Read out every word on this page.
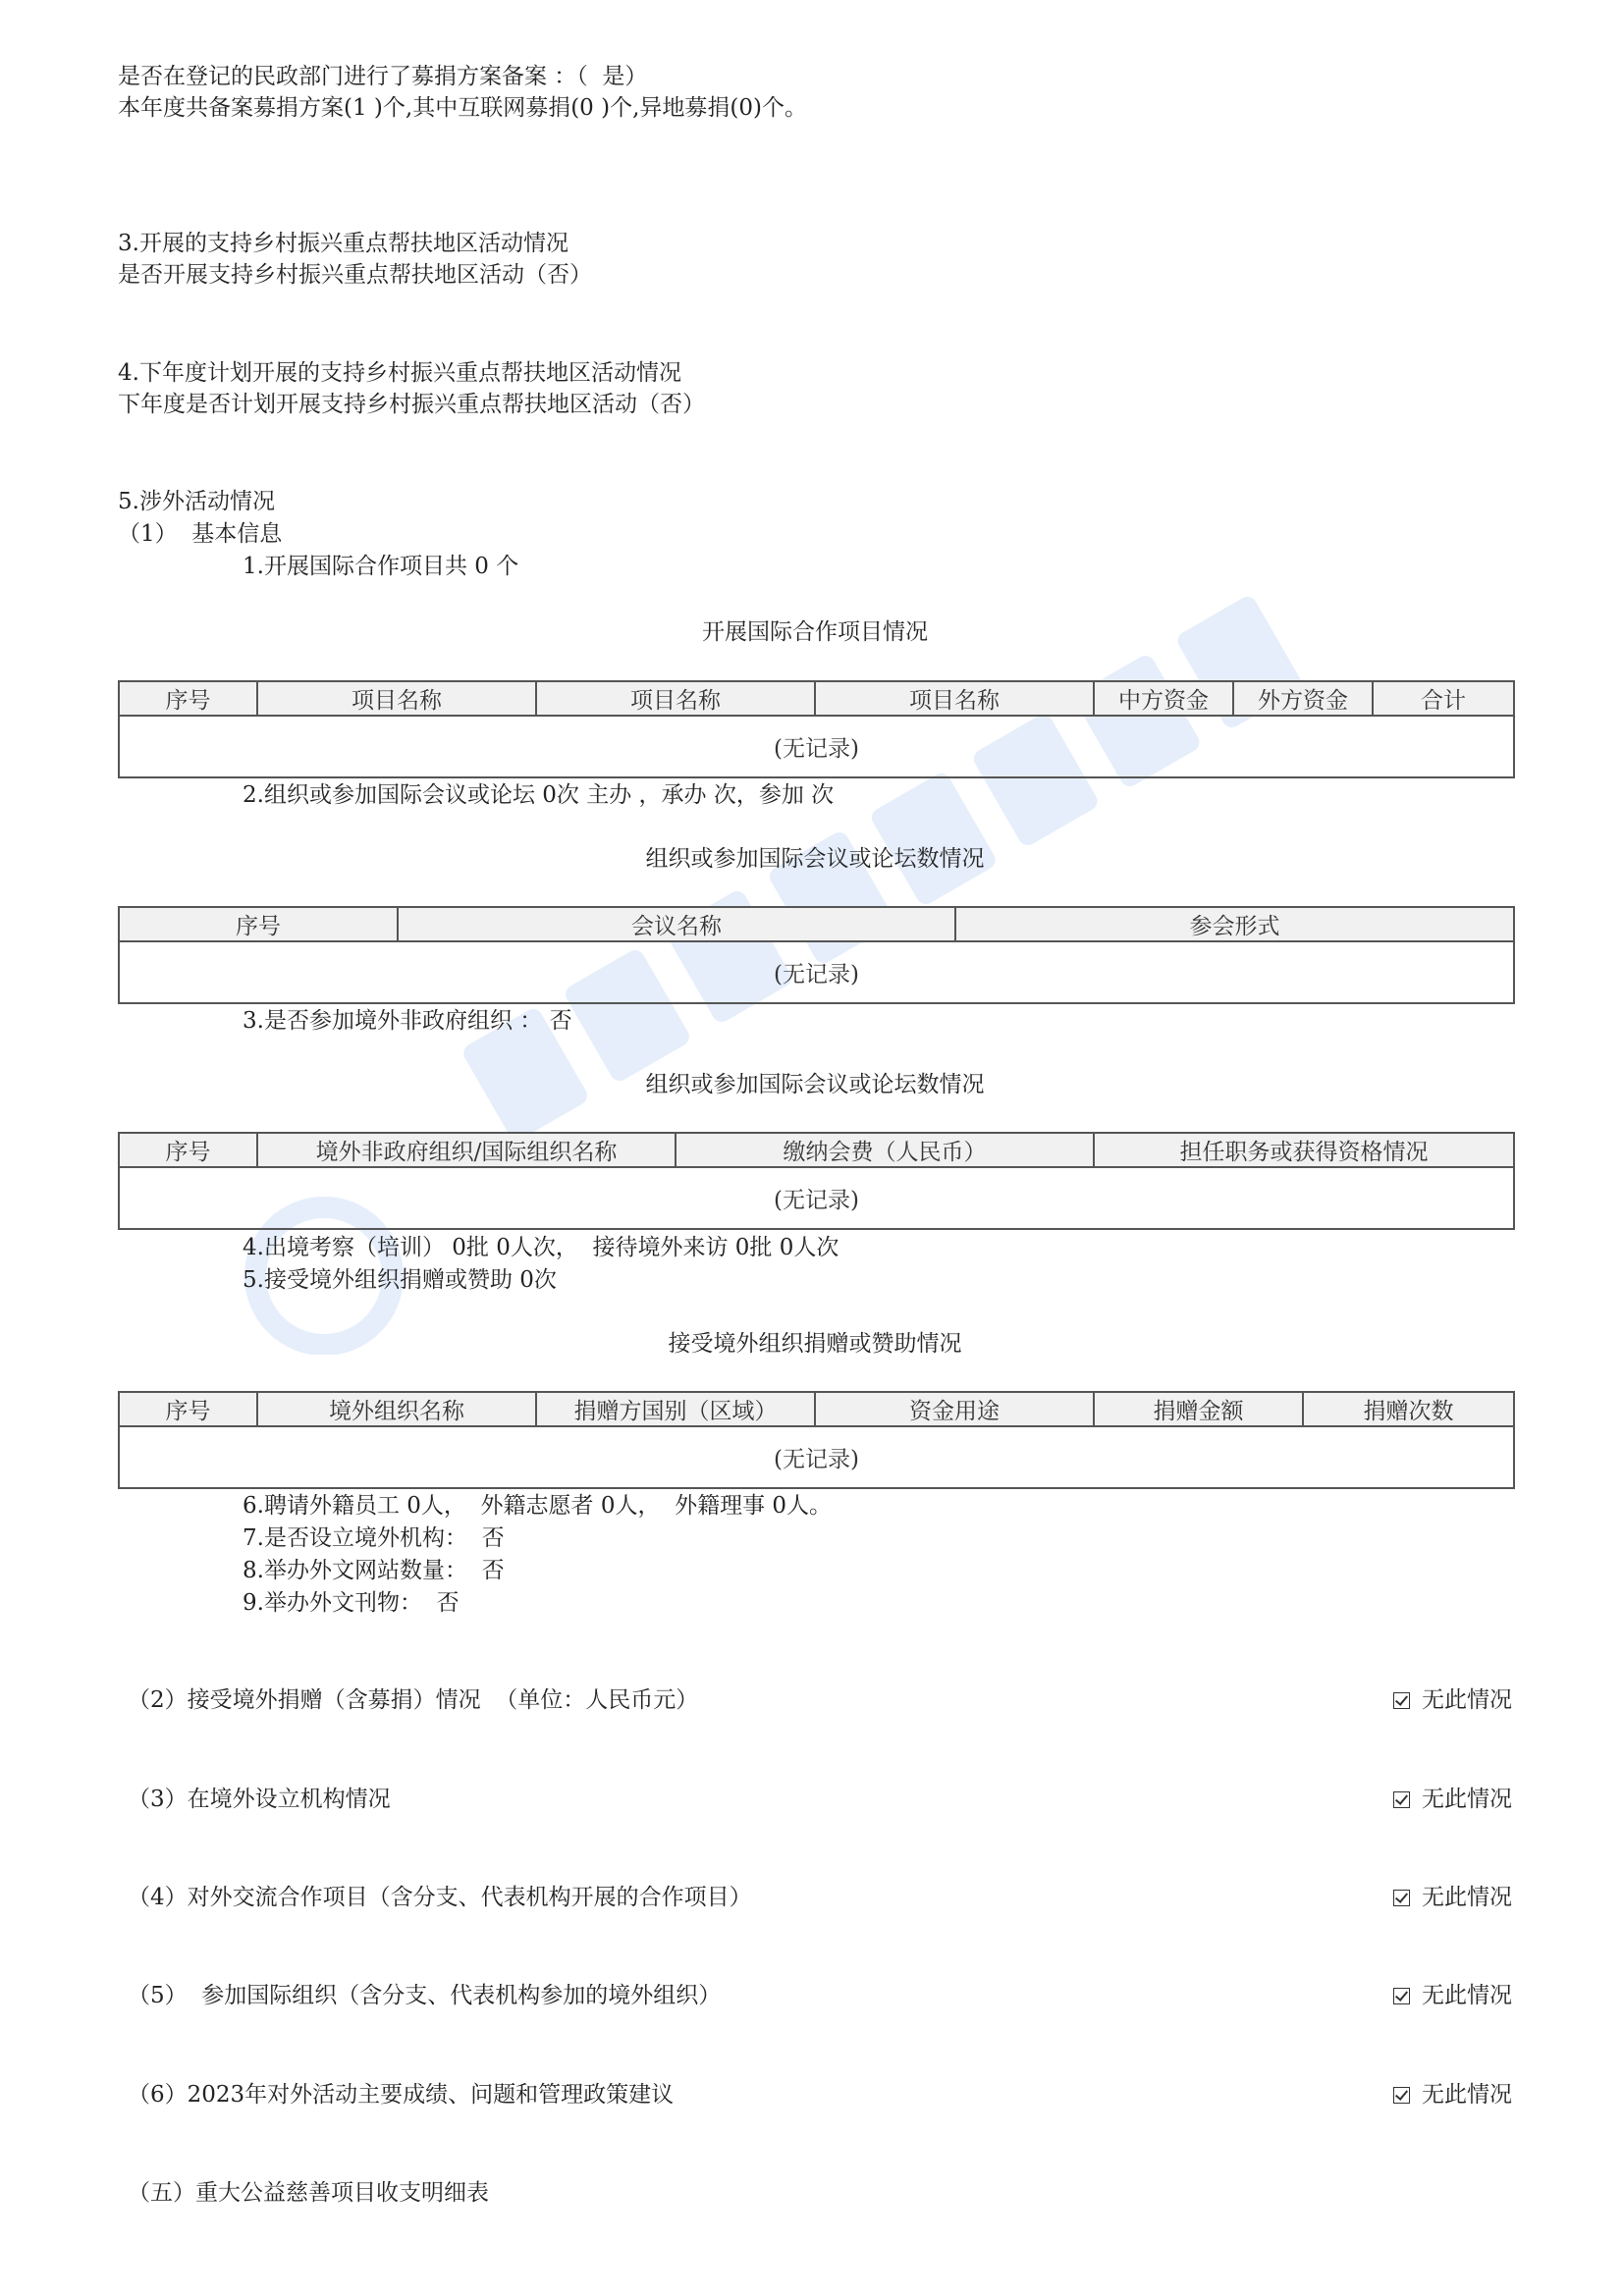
是否在登记的民政部门进行了募捐方案备案 ：（  是）
本年度共备案募捐方案(1 )个,其中互联网募捐(0 )个,异地募捐(0)个。
3.开展的支持乡村振兴重点帮扶地区活动情况
是否开展支持乡村振兴重点帮扶地区活动（否）
4.下年度计划开展的支持乡村振兴重点帮扶地区活动情况
下年度是否计划开展支持乡村振兴重点帮扶地区活动（否）
5.涉外活动情况
（1）  基本信息
1.开展国际合作项目共 0 个
开展国际合作项目情况
序号	项目名称	项目名称	项目名称	中方资金	外方资金	合计
(无记录)
2.组织或参加国际会议或论坛 0次 主办 ，承办 次，参加 次
组织或参加国际会议或论坛数情况
序号	会议名称	参会形式
(无记录)
3.是否参加境外非政府组织 ： 否
组织或参加国际会议或论坛数情况
序号	境外非政府组织/国际组织名称	缴纳会费（人民币）	担任职务或获得资格情况
(无记录)
4.出境考察（培训） 0批 0人次，  接待境外来访 0批 0人次
5.接受境外组织捐赠或赞助 0次
接受境外组织捐赠或赞助情况
序号	境外组织名称	捐赠方国别（区域）	资金用途	捐赠金额	捐赠次数
(无记录)
6.聘请外籍员工 0人，  外籍志愿者 0人，  外籍理事 0人。
7.是否设立境外机构：  否
8.举办外文网站数量：  否
9.举办外文刊物：  否
（2）接受境外捐赠（含募捐）情况  （单位：人民币元）	无此情况
（3）在境外设立机构情况	无此情况
（4）对外交流合作项目（含分支、代表机构开展的合作项目）	无此情况
（5）  参加国际组织（含分支、代表机构参加的境外组织）	无此情况
（6）2023年对外活动主要成绩、问题和管理政策建议	无此情况
（五）重大公益慈善项目收支明细表
